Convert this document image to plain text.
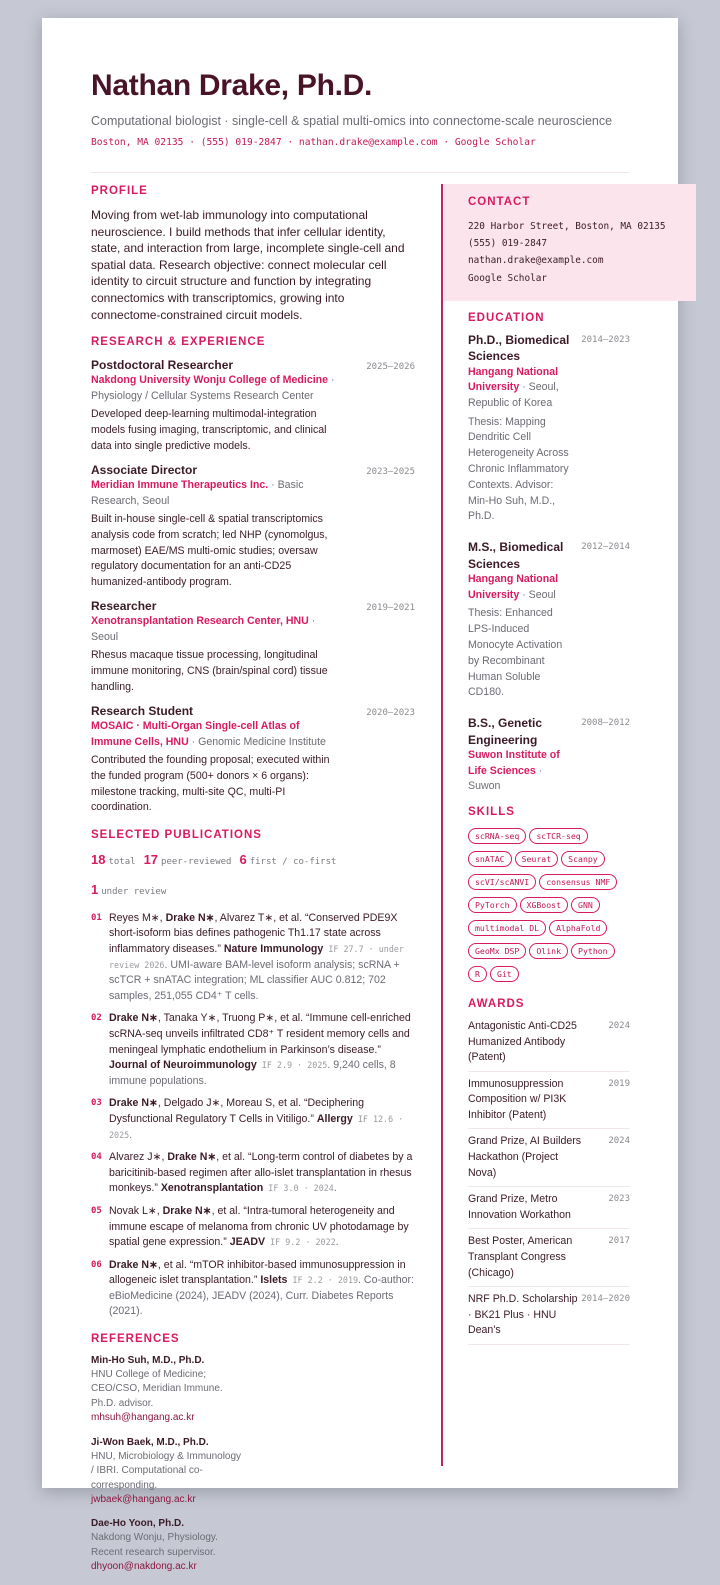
Nathan Drake, Ph.D.
Computational biologist · single-cell & spatial multi-omics into connectome-scale neuroscience
Boston, MA 02135 · (555) 019-2847 · nathan.drake@example.com · Google Scholar
PROFILE
Moving from wet-lab immunology into computational neuroscience. I build methods that infer cellular identity, state, and interaction from large, incomplete single-cell and spatial data. Research objective: connect molecular cell identity to circuit structure and function by integrating connectomics with transcriptomics, growing into connectome-constrained circuit models.
RESEARCH & EXPERIENCE
Postdoctoral Researcher	2025–2026
Nakdong University Wonju College of Medicine · Physiology / Cellular Systems Research Center
Developed deep-learning multimodal-integration models fusing imaging, transcriptomic, and clinical data into single predictive models.
Associate Director	2023–2025
Meridian Immune Therapeutics Inc. · Basic Research, Seoul
Built in-house single-cell & spatial transcriptomics analysis code from scratch; led NHP (cynomolgus, marmoset) EAE/MS multi-omic studies; oversaw regulatory documentation for an anti-CD25 humanized-antibody program.
Researcher	2019–2021
Xenotransplantation Research Center, HNU · Seoul
Rhesus macaque tissue processing, longitudinal immune monitoring, CNS (brain/spinal cord) tissue handling.
Research Student	2020–2023
MOSAIC · Multi-Organ Single-cell Atlas of Immune Cells, HNU · Genomic Medicine Institute
Contributed the founding proposal; executed within the funded program (500+ donors × 6 organs): milestone tracking, multi-site QC, multi-PI coordination.
SELECTED PUBLICATIONS
18 total 17 peer-reviewed 6 first / co-first1 under review
01 Reyes M∗, Drake N∗, Alvarez T∗, et al. “Conserved PDE9X short-isoform bias defines pathogenic Th1.17 state across inflammatory diseases.” Nature Immunology IF 27.7 · under review 2026. UMI-aware BAM-level isoform analysis; scRNA + scTCR + snATAC integration; ML classifier AUC 0.812; 702 samples, 251,055 CD4⁺ T cells.
02 Drake N∗, Tanaka Y∗, Truong P∗, et al. “Immune cell-enriched scRNA-seq unveils infiltrated CD8⁺ T resident memory cells and meningeal lymphatic endothelium in Parkinson’s disease.” Journal of Neuroimmunology IF 2.9 · 2025. 9,240 cells, 8 immune populations.
03 Drake N∗, Delgado J∗, Moreau S, et al. “Deciphering Dysfunctional Regulatory T Cells in Vitiligo.” Allergy IF 12.6 · 2025.
04 Alvarez J∗, Drake N∗, et al. “Long-term control of diabetes by a baricitinib-based regimen after allo-islet transplantation in rhesus monkeys.” Xenotransplantation IF 3.0 · 2024.
05 Novak L∗, Drake N∗, et al. “Intra-tumoral heterogeneity and immune escape of melanoma from chronic UV photodamage by spatial gene expression.” JEADV IF 9.2 · 2022.
06 Drake N∗, et al. “mTOR inhibitor-based immunosuppression in allogeneic islet transplantation.” Islets IF 2.2 · 2019. Co-author: eBioMedicine (2024), JEADV (2024), Curr. Diabetes Reports (2021).
REFERENCES
Min-Ho Suh, M.D., Ph.D.
HNU College of Medicine; CEO/CSO, Meridian Immune. Ph.D. advisor.
mhsuh@hangang.ac.kr
Ji-Won Baek, M.D., Ph.D.
HNU, Microbiology & Immunology / IBRI. Computational co-corresponding.
jwbaek@hangang.ac.kr
Dae-Ho Yoon, Ph.D.
Nakdong Wonju, Physiology. Recent research supervisor.
dhyoon@nakdong.ac.kr
CONTACT
220 Harbor Street, Boston, MA 02135
(555) 019-2847
nathan.drake@example.com
Google Scholar
EDUCATION
Ph.D., Biomedical Sciences
Hangang National University · Seoul, Republic of Korea
Thesis: Mapping Dendritic Cell Heterogeneity Across Chronic Inflammatory Contexts. Advisor: Min-Ho Suh, M.D., Ph.D.
2014–2023
M.S., Biomedical Sciences
Hangang National University · Seoul
Thesis: Enhanced LPS-Induced Monocyte Activation by Recombinant Human Soluble CD180.
2012–2014
B.S., Genetic Engineering
Suwon Institute of Life Sciences · Suwon
2008–2012
SKILLS
scRNA-seq scTCR-seqsnATAC Seurat ScanpyscVI/scANVI consensus NMFPyTorch XGBoost GNNmultimodal DL AlphaFoldGeoMx DSP Olink PythonR Git
AWARDS
Antagonistic Anti-CD25 Humanized Antibody (Patent)
2024
Immunosuppression Composition w/ PI3K Inhibitor (Patent)
2019
Grand Prize, AI Builders Hackathon (Project Nova)
2024
Grand Prize, Metro Innovation Workathon
2023
Best Poster, American Transplant Congress (Chicago)
2017
NRF Ph.D. Scholarship · BK21 Plus · HNU Dean's
2014–2020
